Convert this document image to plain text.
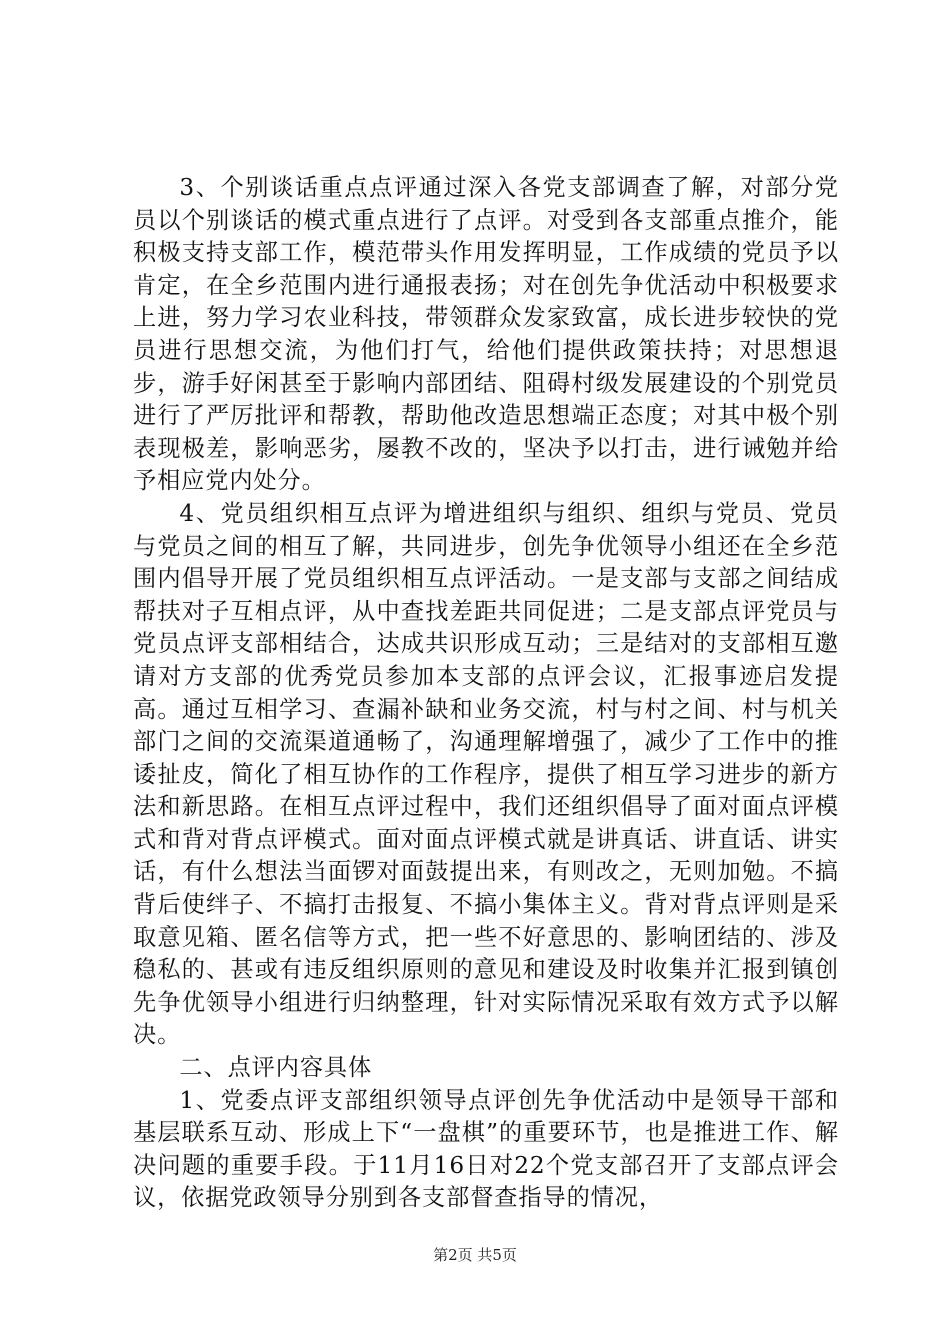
3、个别谈话重点点评通过深入各党支部调查了解，对部分党员以个别谈话的模式重点进行了点评。对受到各支部重点推介，能积极支持支部工作，模范带头作用发挥明显，工作成绩的党员予以肯定，在全乡范围内进行通报表扬；对在创先争优活动中积极要求上进，努力学习农业科技，带领群众发家致富，成长进步较快的党员进行思想交流，为他们打气，给他们提供政策扶持；对思想退步，游手好闲甚至于影响内部团结、阻碍村级发展建设的个别党员进行了严厉批评和帮教，帮助他改造思想端正态度；对其中极个别表现极差，影响恶劣，屡教不改的，坚决予以打击，进行诫勉并给予相应党内处分。

4、党员组织相互点评为增进组织与组织、组织与党员、党员与党员之间的相互了解，共同进步，创先争优领导小组还在全乡范围内倡导开展了党员组织相互点评活动。一是支部与支部之间结成帮扶对子互相点评，从中查找差距共同促进；二是支部点评党员与党员点评支部相结合，达成共识形成互动；三是结对的支部相互邀请对方支部的优秀党员参加本支部的点评会议，汇报事迹启发提高。通过互相学习、查漏补缺和业务交流，村与村之间、村与机关部门之间的交流渠道通畅了，沟通理解增强了，减少了工作中的推诿扯皮，简化了相互协作的工作程序，提供了相互学习进步的新方法和新思路。在相互点评过程中，我们还组织倡导了面对面点评模式和背对背点评模式。面对面点评模式就是讲真话、讲直话、讲实话，有什么想法当面锣对面鼓提出来，有则改之，无则加勉。不搞背后使绊子、不搞打击报复、不搞小集体主义。背对背点评则是采取意见箱、匿名信等方式，把一些不好意思的、影响团结的、涉及稳私的、甚或有违反组织原则的意见和建设及时收集并汇报到镇创先争优领导小组进行归纳整理，针对实际情况采取有效方式予以解决。

二、点评内容具体

1、党委点评支部组织领导点评创先争优活动中是领导干部和基层联系互动、形成上下“一盘棋”的重要环节，也是推进工作、解决问题的重要手段。于11月16日对22个党支部召开了支部点评会议，依据党政领导分别到各支部督查指导的情况，

第2页 共5页
